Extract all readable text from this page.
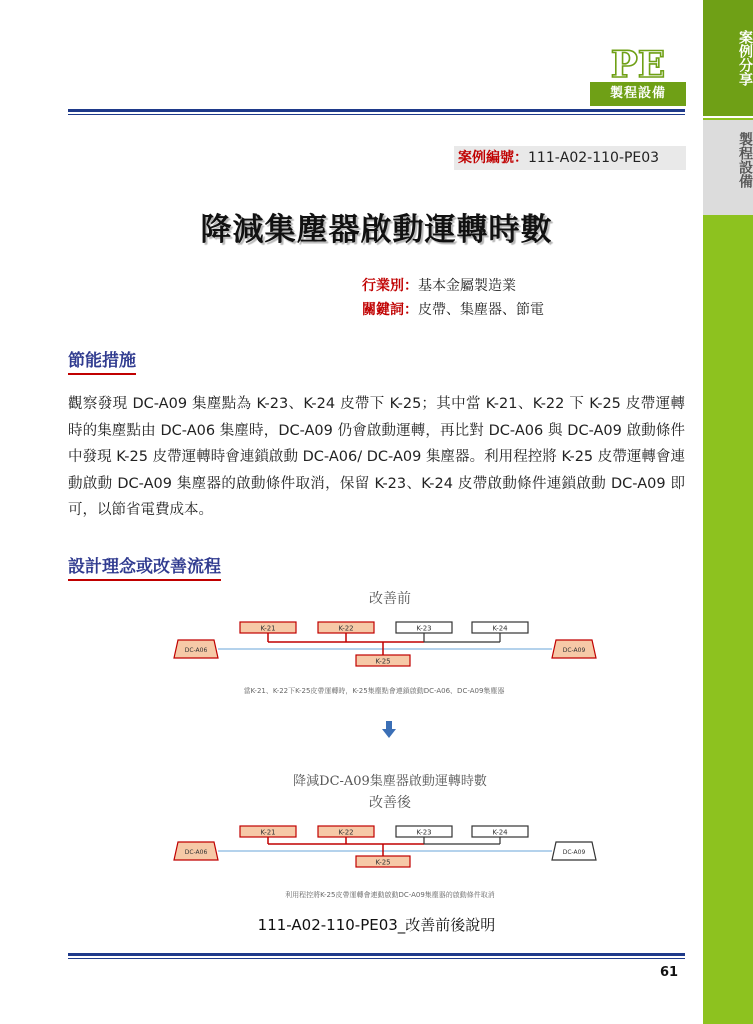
案例分享
製程設備
PE
製程設備
案例編號：111-A02-110-PE03
降減集塵器啟動運轉時數
行業別：基本金屬製造業
關鍵詞：皮帶、集塵器、節電
節能措施
觀察發現 DC-A09 集塵點為 K-23、K-24 皮帶下 K-25；其中當 K-21、K-22 下 K-25 皮帶運轉時的集塵點由 DC-A06 集塵時，DC-A09 仍會啟動運轉，再比對 DC-A06 與 DC-A09 啟動條件中發現 K-25 皮帶運轉時會連鎖啟動 DC-A06/ DC-A09 集塵器。利用程控將 K-25 皮帶運轉會連動啟動 DC-A09 集塵器的啟動條件取消，保留 K-23、K-24 皮帶啟動條件連鎖啟動 DC-A09 即可，以節省電費成本。
設計理念或改善流程
改善前
K-21	K-22	K-23	K-24
K-25
DC-A06	DC-A09
當K-21、K-22下K-25皮帶運轉時，K-25集塵點會連鎖啟動DC-A06、DC-A09集塵器
降減DC-A09集塵器啟動運轉時數
改善後
K-21	K-22	K-23	K-24
K-25
DC-A06	DC-A09
利用程控將K-25皮帶運轉會連動啟動DC-A09集塵器的啟動條件取消
111-A02-110-PE03_改善前後說明
61
